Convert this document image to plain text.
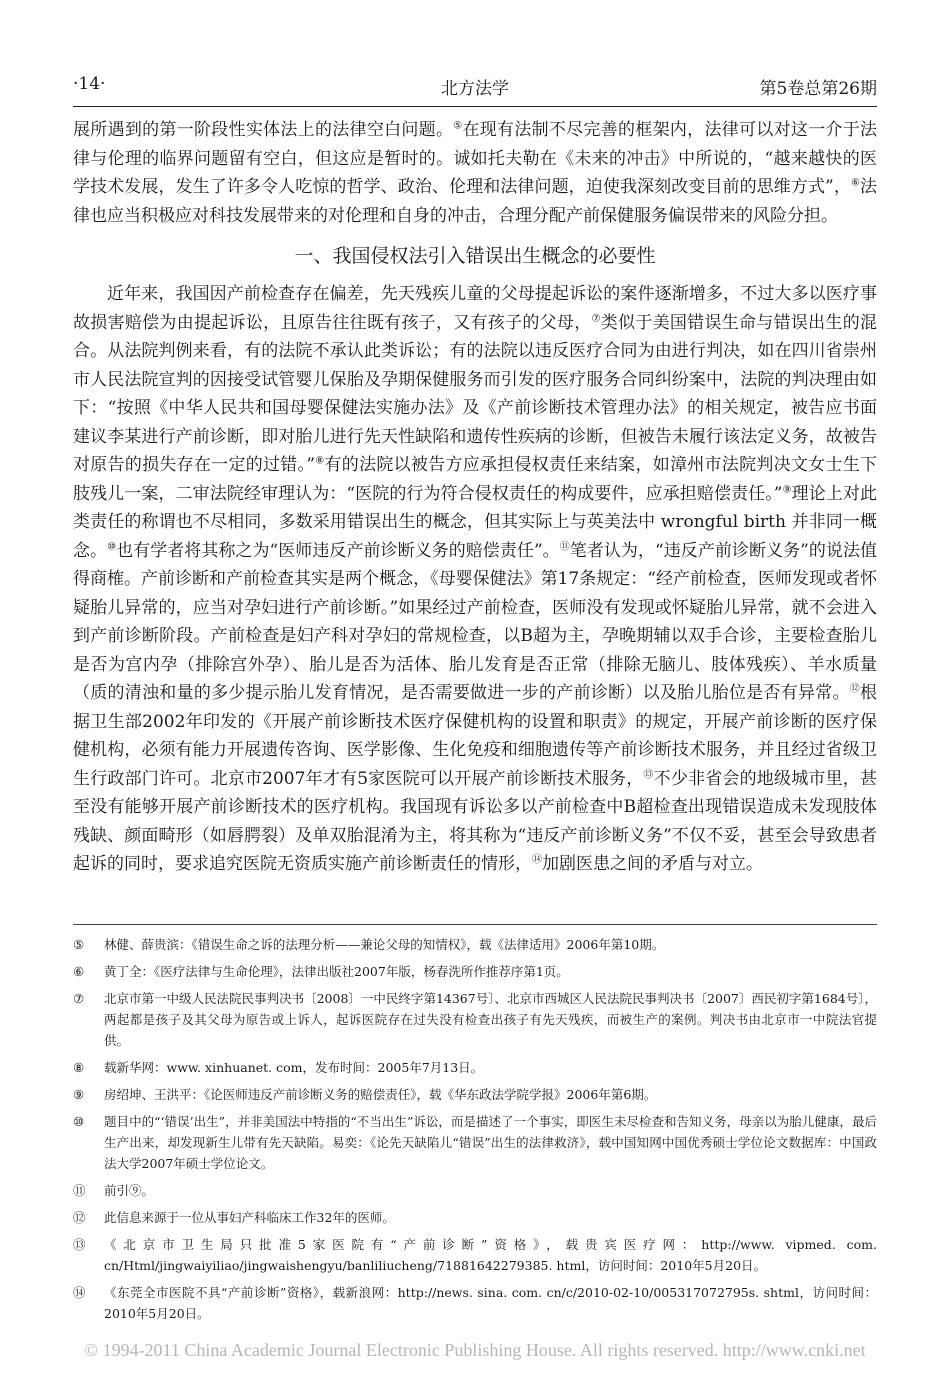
·14·	北方法学	第5卷总第26期

展所遇到的第一阶段性实体法上的法律空白问题。⑤在现有法制不尽完善的框架内，法律可以对这一介于法律与伦理的临界问题留有空白，但这应是暂时的。诚如托夫勒在《未来的冲击》中所说的，“越来越快的医学技术发展，发生了许多令人吃惊的哲学、政治、伦理和法律问题，迫使我深刻改变目前的思维方式”，⑥法律也应当积极应对科技发展带来的对伦理和自身的冲击，合理分配产前保健服务偏误带来的风险分担。

一、我国侵权法引入错误出生概念的必要性

近年来，我国因产前检查存在偏差，先天残疾儿童的父母提起诉讼的案件逐渐增多，不过大多以医疗事故损害赔偿为由提起诉讼，且原告往往既有孩子，又有孩子的父母，⑦类似于美国错误生命与错误出生的混合。从法院判例来看，有的法院不承认此类诉讼；有的法院以违反医疗合同为由进行判决，如在四川省崇州市人民法院宣判的因接受试管婴儿保胎及孕期保健服务而引发的医疗服务合同纠纷案中，法院的判决理由如下：“按照《中华人民共和国母婴保健法实施办法》及《产前诊断技术管理办法》的相关规定，被告应书面建议李某进行产前诊断，即对胎儿进行先天性缺陷和遗传性疾病的诊断，但被告未履行该法定义务，故被告对原告的损失存在一定的过错。”⑧有的法院以被告方应承担侵权责任来结案，如漳州市法院判决文女士生下肢残儿一案，二审法院经审理认为：“医院的行为符合侵权责任的构成要件，应承担赔偿责任。”⑨理论上对此类责任的称谓也不尽相同，多数采用错误出生的概念，但其实际上与英美法中 wrongful birth 并非同一概念。⑩也有学者将其称之为“医师违反产前诊断义务的赔偿责任”。⑪笔者认为，“违反产前诊断义务”的说法值得商榷。产前诊断和产前检查其实是两个概念，《母婴保健法》第17条规定：“经产前检查，医师发现或者怀疑胎儿异常的，应当对孕妇进行产前诊断。”如果经过产前检查，医师没有发现或怀疑胎儿异常，就不会进入到产前诊断阶段。产前检查是妇产科对孕妇的常规检查，以B超为主，孕晚期辅以双手合诊，主要检查胎儿是否为宫内孕（排除宫外孕）、胎儿是否为活体、胎儿发育是否正常（排除无脑儿、肢体残疾）、羊水质量（质的清浊和量的多少提示胎儿发育情况，是否需要做进一步的产前诊断）以及胎儿胎位是否有异常。⑫根据卫生部2002年印发的《开展产前诊断技术医疗保健机构的设置和职责》的规定，开展产前诊断的医疗保健机构，必须有能力开展遗传咨询、医学影像、生化免疫和细胞遗传等产前诊断技术服务，并且经过省级卫生行政部门许可。北京市2007年才有5家医院可以开展产前诊断技术服务，⑬不少非省会的地级城市里，甚至没有能够开展产前诊断技术的医疗机构。我国现有诉讼多以产前检查中B超检查出现错误造成未发现肢体残缺、颜面畸形（如唇腭裂）及单双胎混淆为主，将其称为“违反产前诊断义务”不仅不妥，甚至会导致患者起诉的同时，要求追究医院无资质实施产前诊断责任的情形，⑭加剧医患之间的矛盾与对立。

⑤ 林健、薛贵滨：《错误生命之诉的法理分析——兼论父母的知情权》，载《法律适用》2006年第10期。
⑥ 黄丁全：《医疗法律与生命伦理》，法律出版社2007年版，杨春洗所作推荐序第1页。
⑦ 北京市第一中级人民法院民事判决书〔2008〕一中民终字第14367号〕、北京市西城区人民法院民事判决书〔2007〕西民初字第1684号〕，两起都是孩子及其父母为原告或上诉人，起诉医院存在过失没有检查出孩子有先天残疾，而被生产的案例。判决书由北京市一中院法官提供。
⑧ 载新华网：www. xinhuanet. com，发布时间：2005年7月13日。
⑨ 房绍坤、王洪平：《论医师违反产前诊断义务的赔偿责任》，载《华东政法学院学报》2006年第6期。
⑩ 题目中的“‘错误’出生”，并非美国法中特指的“不当出生”诉讼，而是描述了一个事实，即医生未尽检查和告知义务，母亲以为胎儿健康，最后生产出来，却发现新生儿带有先天缺陷。易奕：《论先天缺陷儿“错误”出生的法律救济》，载中国知网中国优秀硕士学位论文数据库：中国政法大学2007年硕士学位论文。
⑪ 前引⑨。
⑫ 此信息来源于一位从事妇产科临床工作32年的医师。
⑬ 《北京市卫生局只批准5家医院有“产前诊断”资格》，载贵宾医疗网：http://www. vipmed. com. cn/Html/jingwaiyiliao/jingwaishengyu/banliliucheng/71881642279385. html，访问时间：2010年5月20日。
⑭ 《东莞全市医院不具“产前诊断”资格》，载新浪网：http://news. sina. com. cn/c/2010-02-10/005317072795s. shtml，访问时间：2010年5月20日。
© 1994-2011 China Academic Journal Electronic Publishing House. All rights reserved. http://www.cnki.net
